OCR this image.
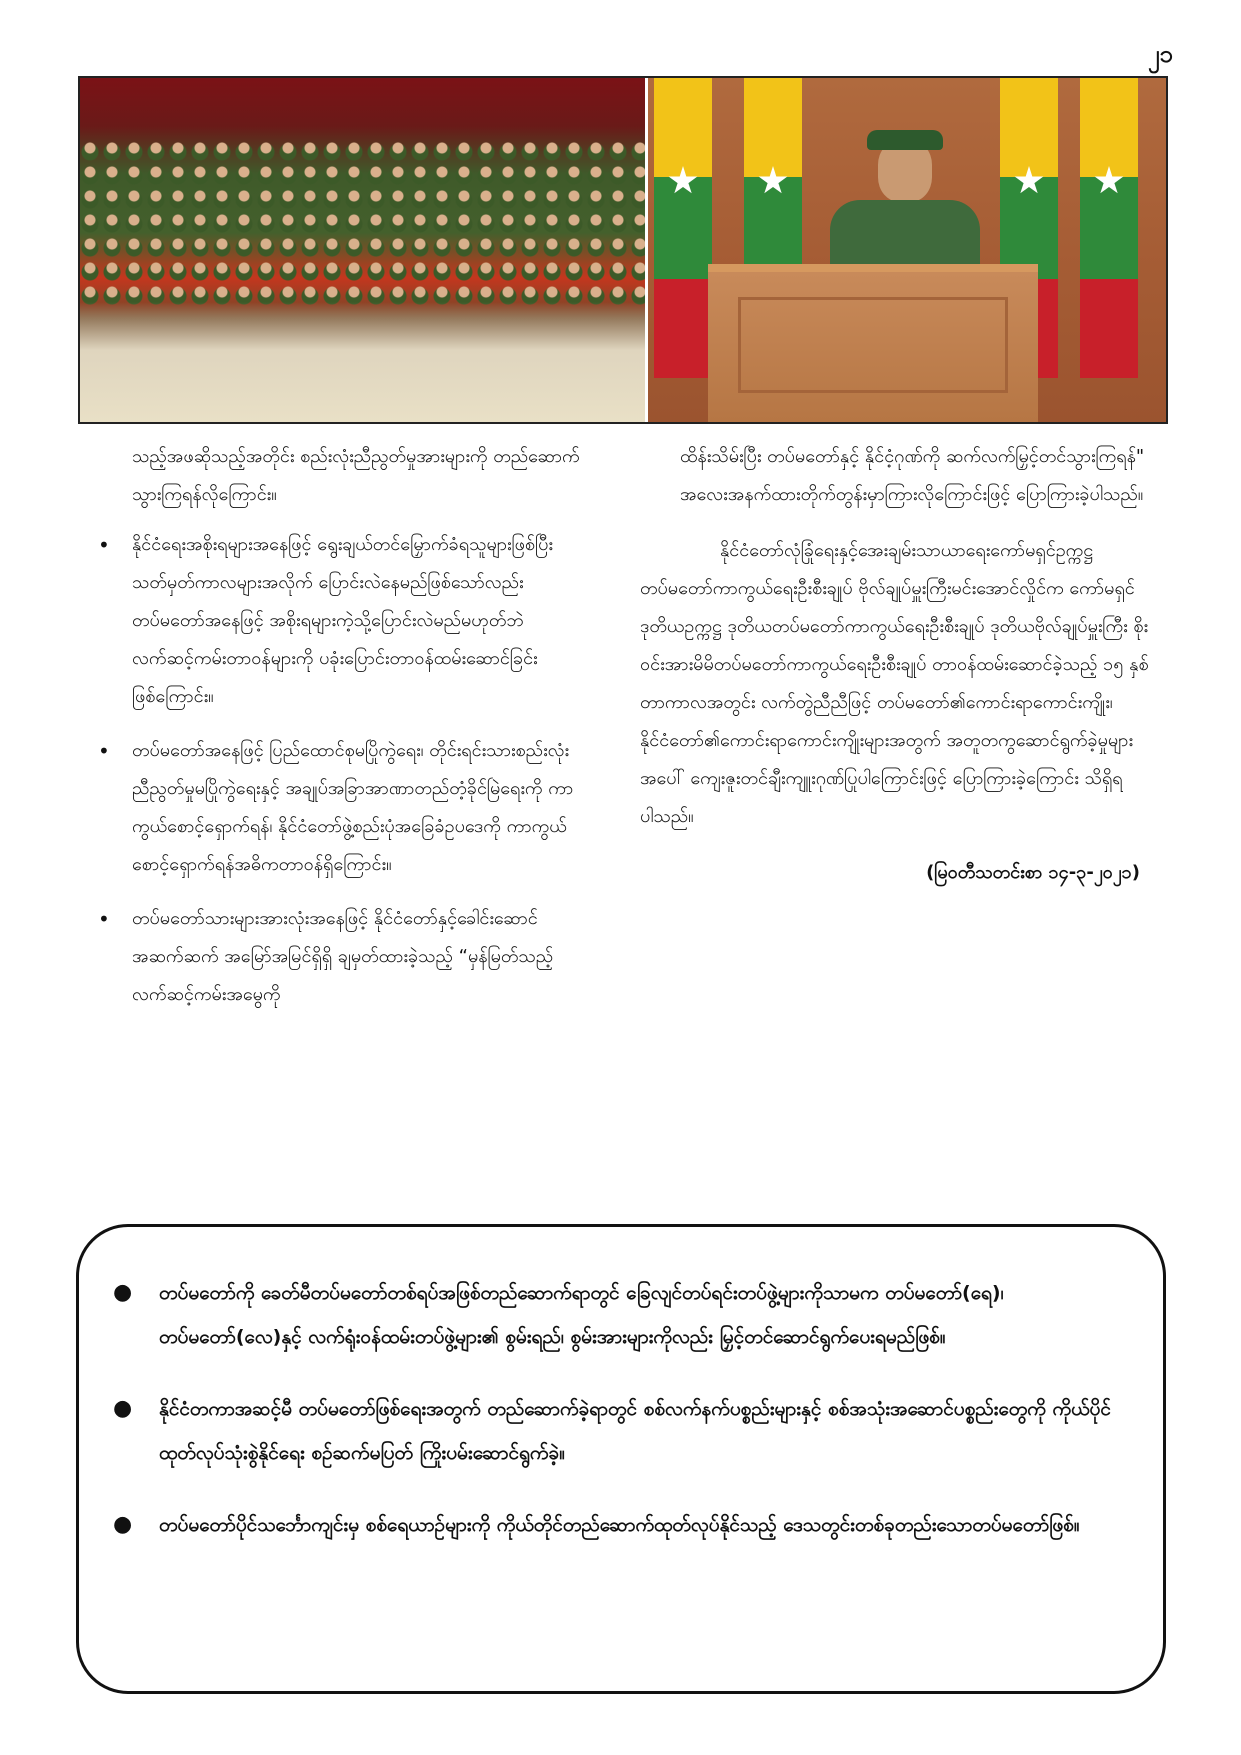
၂၁

သည့်အဖဆိုသည့်အတိုင်း စည်းလုံးညီညွတ်မှုအားများကို တည်ဆောက်သွားကြရန်လိုကြောင်း။

• နိုင်ငံရေးအစိုးရများအနေဖြင့် ရွေးချယ်တင်မြှောက်ခံရသူများဖြစ်ပြီး သတ်မှတ်ကာလများအလိုက် ပြောင်းလဲနေမည်ဖြစ်သော်လည်း တပ်မတော်အနေဖြင့် အစိုးရများကဲ့သို့ပြောင်းလဲမည်မဟုတ်ဘဲ လက်ဆင့်ကမ်းတာဝန်များကို ပခုံးပြောင်းတာဝန်ထမ်းဆောင်ခြင်းဖြစ်ကြောင်း။
• တပ်မတော်အနေဖြင့် ပြည်ထောင်စုမပြိုကွဲရေး၊ တိုင်းရင်းသားစည်းလုံးညီညွတ်မှုမပြိုကွဲရေးနှင့် အချုပ်အခြာအာဏာတည်တံ့ခိုင်မြဲရေးကို ကာကွယ်စောင့်ရှောက်ရန်၊ နိုင်ငံတော်ဖွဲ့စည်းပုံအခြေခံဥပဒေကို ကာကွယ်စောင့်ရှောက်ရန်အဓိကတာဝန်ရှိကြောင်း။
• တပ်မတော်သားများအားလုံးအနေဖြင့် နိုင်ငံတော်နှင့်ခေါင်းဆောင်အဆက်ဆက် အမြော်အမြင်ရှိရှိ ချမှတ်ထားခဲ့သည့် “မှန်မြတ်သည့် လက်ဆင့်ကမ်းအမွေကို

ထိန်းသိမ်းပြီး တပ်မတော်နှင့် နိုင်ငံ့ဂုဏ်ကို ဆက်လက်မြှင့်တင်သွားကြရန်" အလေးအနက်ထားတိုက်တွန်းမှာကြားလိုကြောင်းဖြင့် ပြောကြားခဲ့ပါသည်။

နိုင်ငံတော်လုံခြုံရေးနှင့်အေးချမ်းသာယာရေးကော်မရှင်ဥက္ကဋ္ဌ တပ်မတော်ကာကွယ်ရေးဦးစီးချုပ် ဗိုလ်ချုပ်မှူးကြီးမင်းအောင်လှိုင်က ကော်မရှင်ဒုတိယဥက္ကဋ္ဌ ဒုတိယတပ်မတော်ကာကွယ်ရေးဦးစီးချုပ် ဒုတိယဗိုလ်ချုပ်မှူးကြီး စိုးဝင်းအားမိမိတပ်မတော်ကာကွယ်ရေးဦးစီးချုပ် တာဝန်ထမ်းဆောင်ခဲ့သည့် ၁၅ နှစ်တာကာလအတွင်း လက်တွဲညီညီဖြင့် တပ်မတော်၏ကောင်းရာကောင်းကျိုး၊ နိုင်ငံတော်၏ကောင်းရာကောင်းကျိုးများအတွက် အတူတကွဆောင်ရွက်ခဲ့မှုများအပေါ် ကျေးဇူးတင်ချီးကျူးဂုဏ်ပြုပါကြောင်းဖြင့် ပြောကြားခဲ့ကြောင်း သိရှိရပါသည်။

(မြဝတီသတင်းစာ ၁၄-၃-၂၀၂၁)

● တပ်မတော်ကို ခေတ်မီတပ်မတော်တစ်ရပ်အဖြစ်တည်ဆောက်ရာတွင် ခြေလျင်တပ်ရင်းတပ်ဖွဲ့များကိုသာမက တပ်မတော်(ရေ)၊ တပ်မတော်(လေ)နှင့် လက်ရုံးဝန်ထမ်းတပ်ဖွဲ့များ၏ စွမ်းရည်၊ စွမ်းအားများကိုလည်း မြှင့်တင်ဆောင်ရွက်ပေးရမည်ဖြစ်။
● နိုင်ငံတကာအဆင့်မီ တပ်မတော်ဖြစ်ရေးအတွက် တည်ဆောက်ခဲ့ရာတွင် စစ်လက်နက်ပစ္စည်းများနှင့် စစ်အသုံးအဆောင်ပစ္စည်းတွေကို ကိုယ်ပိုင်ထုတ်လုပ်သုံးစွဲနိုင်ရေး စဉ်ဆက်မပြတ် ကြိုးပမ်းဆောင်ရွက်ခဲ့။
● တပ်မတော်ပိုင်သင်္ဘောကျင်းမှ စစ်ရေယာဉ်များကို ကိုယ်တိုင်တည်ဆောက်ထုတ်လုပ်နိုင်သည့် ဒေသတွင်းတစ်ခုတည်းသောတပ်မတော်ဖြစ်။
